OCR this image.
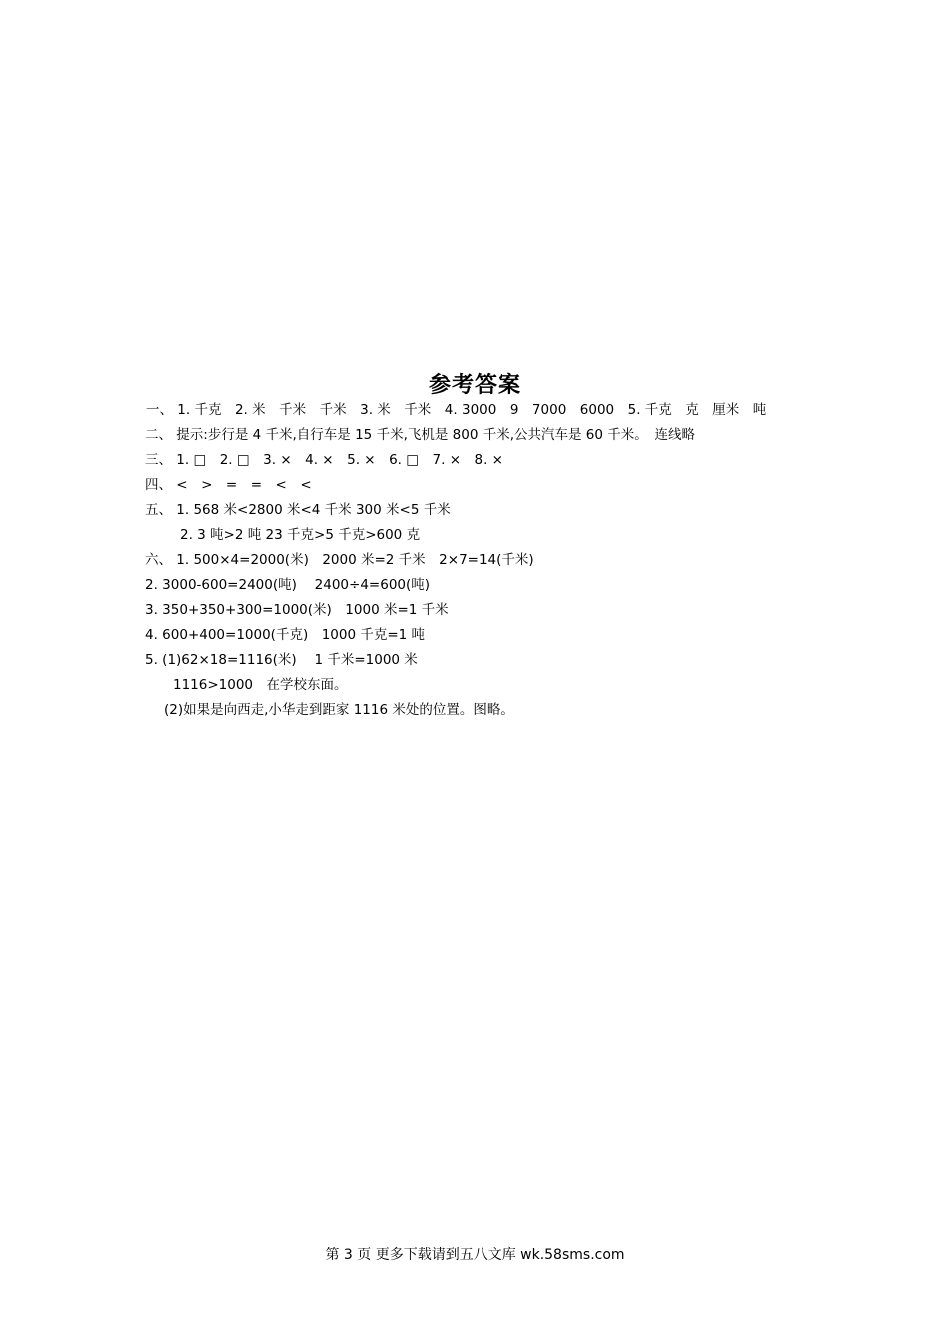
参考答案
一、 1. 千克　2. 米　千米　千米　3. 米　千米　4. 3000　9　7000　6000　5. 千克　克　厘米　吨
二、 提示:步行是 4 千米,自行车是 15 千米,飞机是 800 千米,公共汽车是 60 千米。　连线略
三、 1. □　2. □　3. ×　4. ×　5. ×　6. □　7. ×　8. ×
四、 <　>　=　=　<　<
五、 1. 568 米<2800 米<4 千米 300 米<5 千米
2. 3 吨>2 吨 23 千克>5 千克>600 克
六、 1. 500×4=2000(米)　2000 米=2 千米　2×7=14(千米)
2. 3000-600=2400(吨)　 2400÷4=600(吨)
3. 350+350+300=1000(米)　1000 米=1 千米
4. 600+400=1000(千克)　1000 千克=1 吨
5. (1)62×18=1116(米)　 1 千米=1000 米
1116>1000　在学校东面。
(2)如果是向西走,小华走到距家 1116 米处的位置。图略。
第 3 页 更多下载请到五八文库 wk.58sms.com
